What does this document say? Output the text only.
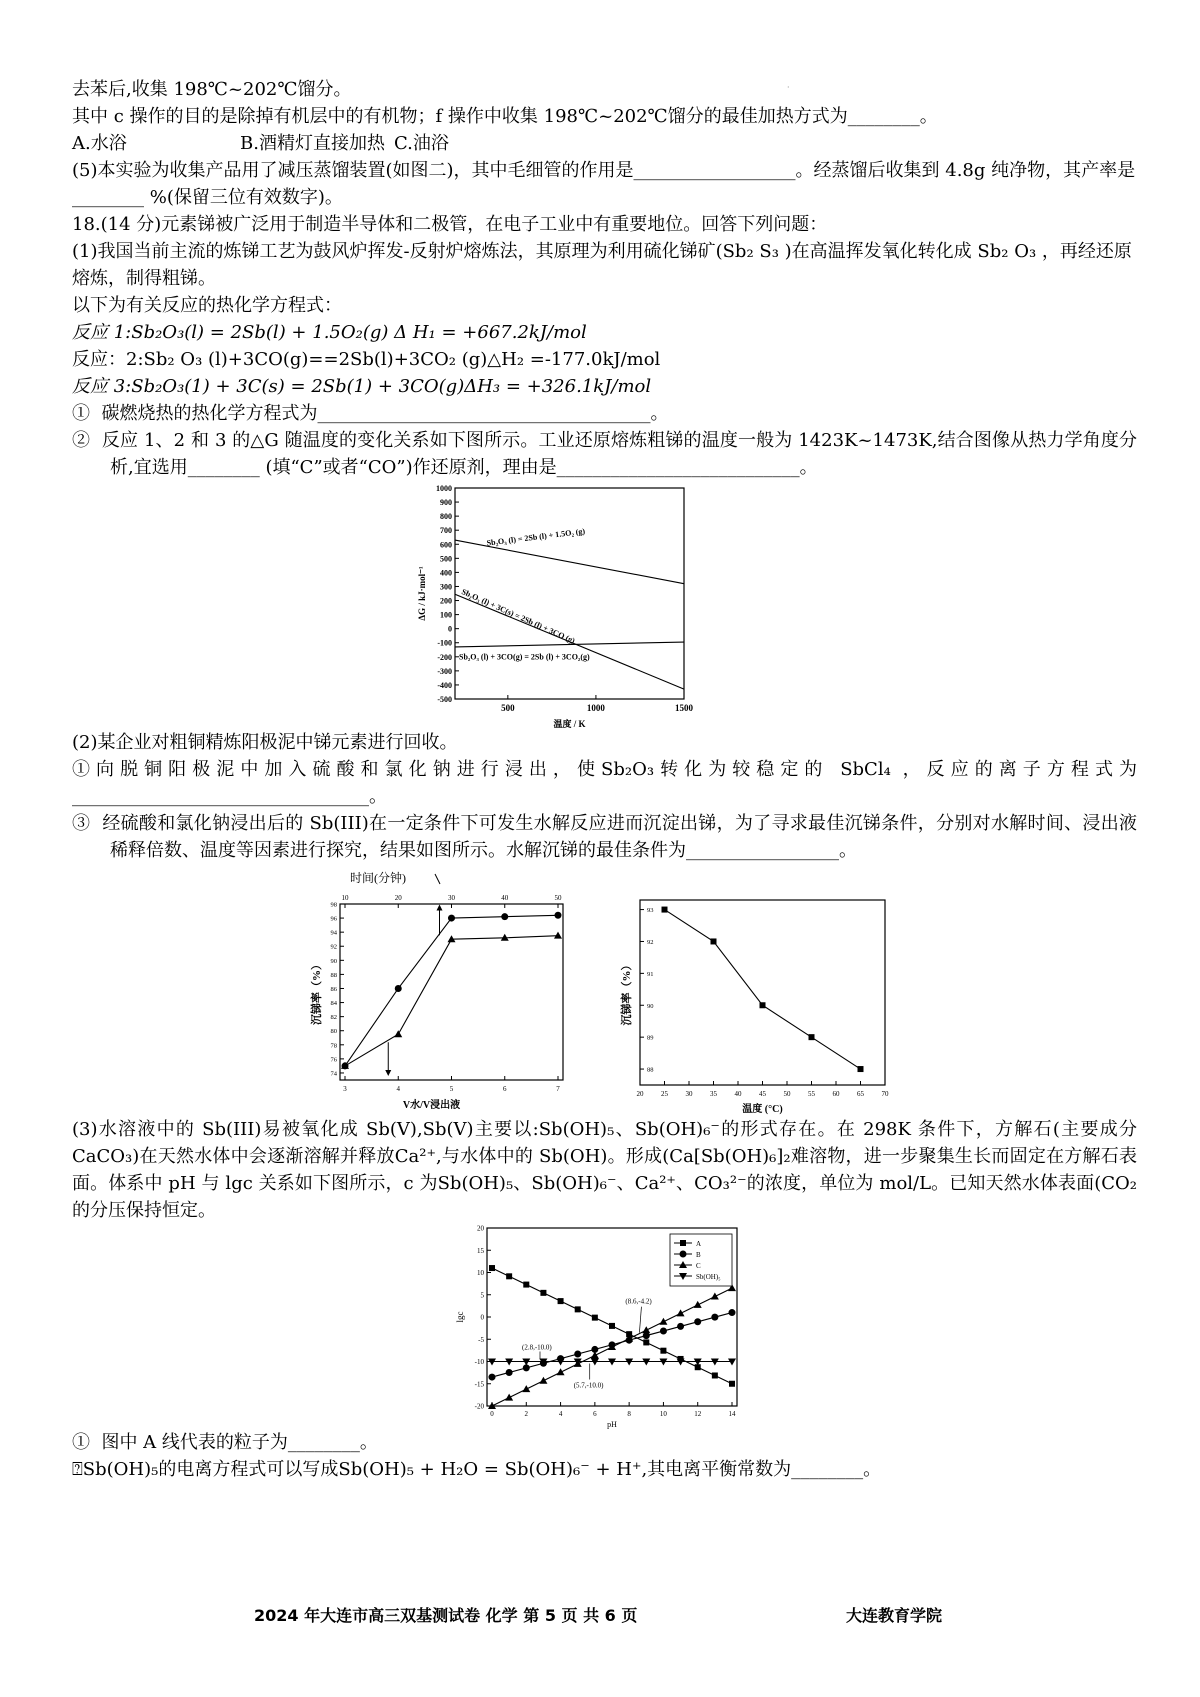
·

去苯后,收集 198℃~202℃馏分。

其中 c 操作的目的是除掉有机层中的有机物；f 操作中收集 198℃~202℃馏分的最佳加热方式为________。

A.水浴	B.酒精灯直接加热 C.油浴

(5)本实验为收集产品用了减压蒸馏装置(如图二)，其中毛细管的作用是__________________。经蒸馏后收集到 4.8g 纯净物，其产率是________ %(保留三位有效数字)。

18.(14 分)元素锑被广泛用于制造半导体和二极管，在电子工业中有重要地位。回答下列问题：

(1)我国当前主流的炼锑工艺为鼓风炉挥发-反射炉熔炼法，其原理为利用硫化锑矿(Sb₂ S₃ )在高温挥发氧化转化成 Sb₂ O₃ ，再经还原熔炼，制得粗锑。

以下为有关反应的热化学方程式：

反应 1:Sb₂O₃(l) = 2Sb(l) + 1.5O₂(g) Δ H₁ = +667.2kJ/mol

反应：2:Sb₂ O₃ (l)+3CO(g)==2Sb(l)+3CO₂ (g)△H₂ =-177.0kJ/mol

反应 3:Sb₂O₃(1) + 3C(s) = 2Sb(1) + 3CO(g)ΔH₃ = +326.1kJ/mol

①  碳燃烧热的热化学方程式为_____________________________________。

②  反应 1、2 和 3 的△G 随温度的变化关系如下图所示。工业还原熔炼粗锑的温度一般为 1423K~1473K,结合图像从热力学角度分析,宜选用________ (填“C”或者“CO”)作还原剂，理由是___________________________。

-500
-400
-300
-200
-100
0
100
200
300
400
500
600
700
800
900
1000
500	1000	1500
温度 / K
ΔG / kJ·mol⁻¹
Sb₂O₃ (l) = 2Sb (l) + 1.5O₂ (g)
Sb₂O₃ (l) + 3C(s) = 2Sb (l) + 3CO (g)
Sb₂O₃ (l) + 3CO(g) = 2Sb (l) + 3CO₂(g)

(2)某企业对粗铜精炼阳极泥中锑元素进行回收。

①向脱铜阳极泥中加入硫酸和氯化钠进行浸出，使Sb₂O₃转化为较稳定的 SbCl₄ ，反应的离子方程式为_________________________________。

③  经硫酸和氯化钠浸出后的 Sb(III)在一定条件下可发生水解反应进而沉淀出锑，为了寻求最佳沉锑条件，分别对水解时间、浸出液稀释倍数、温度等因素进行探究，结果如图所示。水解沉锑的最佳条件为_________________。

时间(分钟)
10	20	30	40	50
74
76
78
80
82
84
86
88
90
92
94
96
98
3	4	5	6	7
V水/V浸出液
沉锑率（%）
88
89
90
91
92
93
20	25	30	35	40	45	50	55	60	65	70
温度 (°C)
沉锑率（%）

(3)水溶液中的 Sb(III)易被氧化成 Sb(V),Sb(V)主要以:Sb(OH)₅、Sb(OH)₆⁻的形式存在。在 298K 条件下，方解石(主要成分CaCO₃)在天然水体中会逐渐溶解并释放Ca²⁺,与水体中的 Sb(OH)。形成(Ca[Sb(OH)₆]₂难溶物，进一步聚集生长而固定在方解石表面。体系中 pH 与 lgc 关系如下图所示，c 为Sb(OH)₅、Sb(OH)₆⁻、Ca²⁺、CO₃²⁻的浓度，单位为 mol/L。已知天然水体表面(CO₂的分压保持恒定。

-20
-15
-10
-5
0
5
10
15
20
0	2	4	6	8	10	12	14
pH
lgc
A
B
C
Sb(OH)₅
(8.6,-4.2)
(2.8,-10.0)
(5.7,-10.0)

①  图中 A 线代表的粒子为________。

⍰Sb(OH)₅的电离方程式可以写成Sb(OH)₅ + H₂O = Sb(OH)₆⁻ + H⁺,其电离平衡常数为________。

2024 年大连市高三双基测试卷 化学 第 5 页 共 6 页	大连教育学院
